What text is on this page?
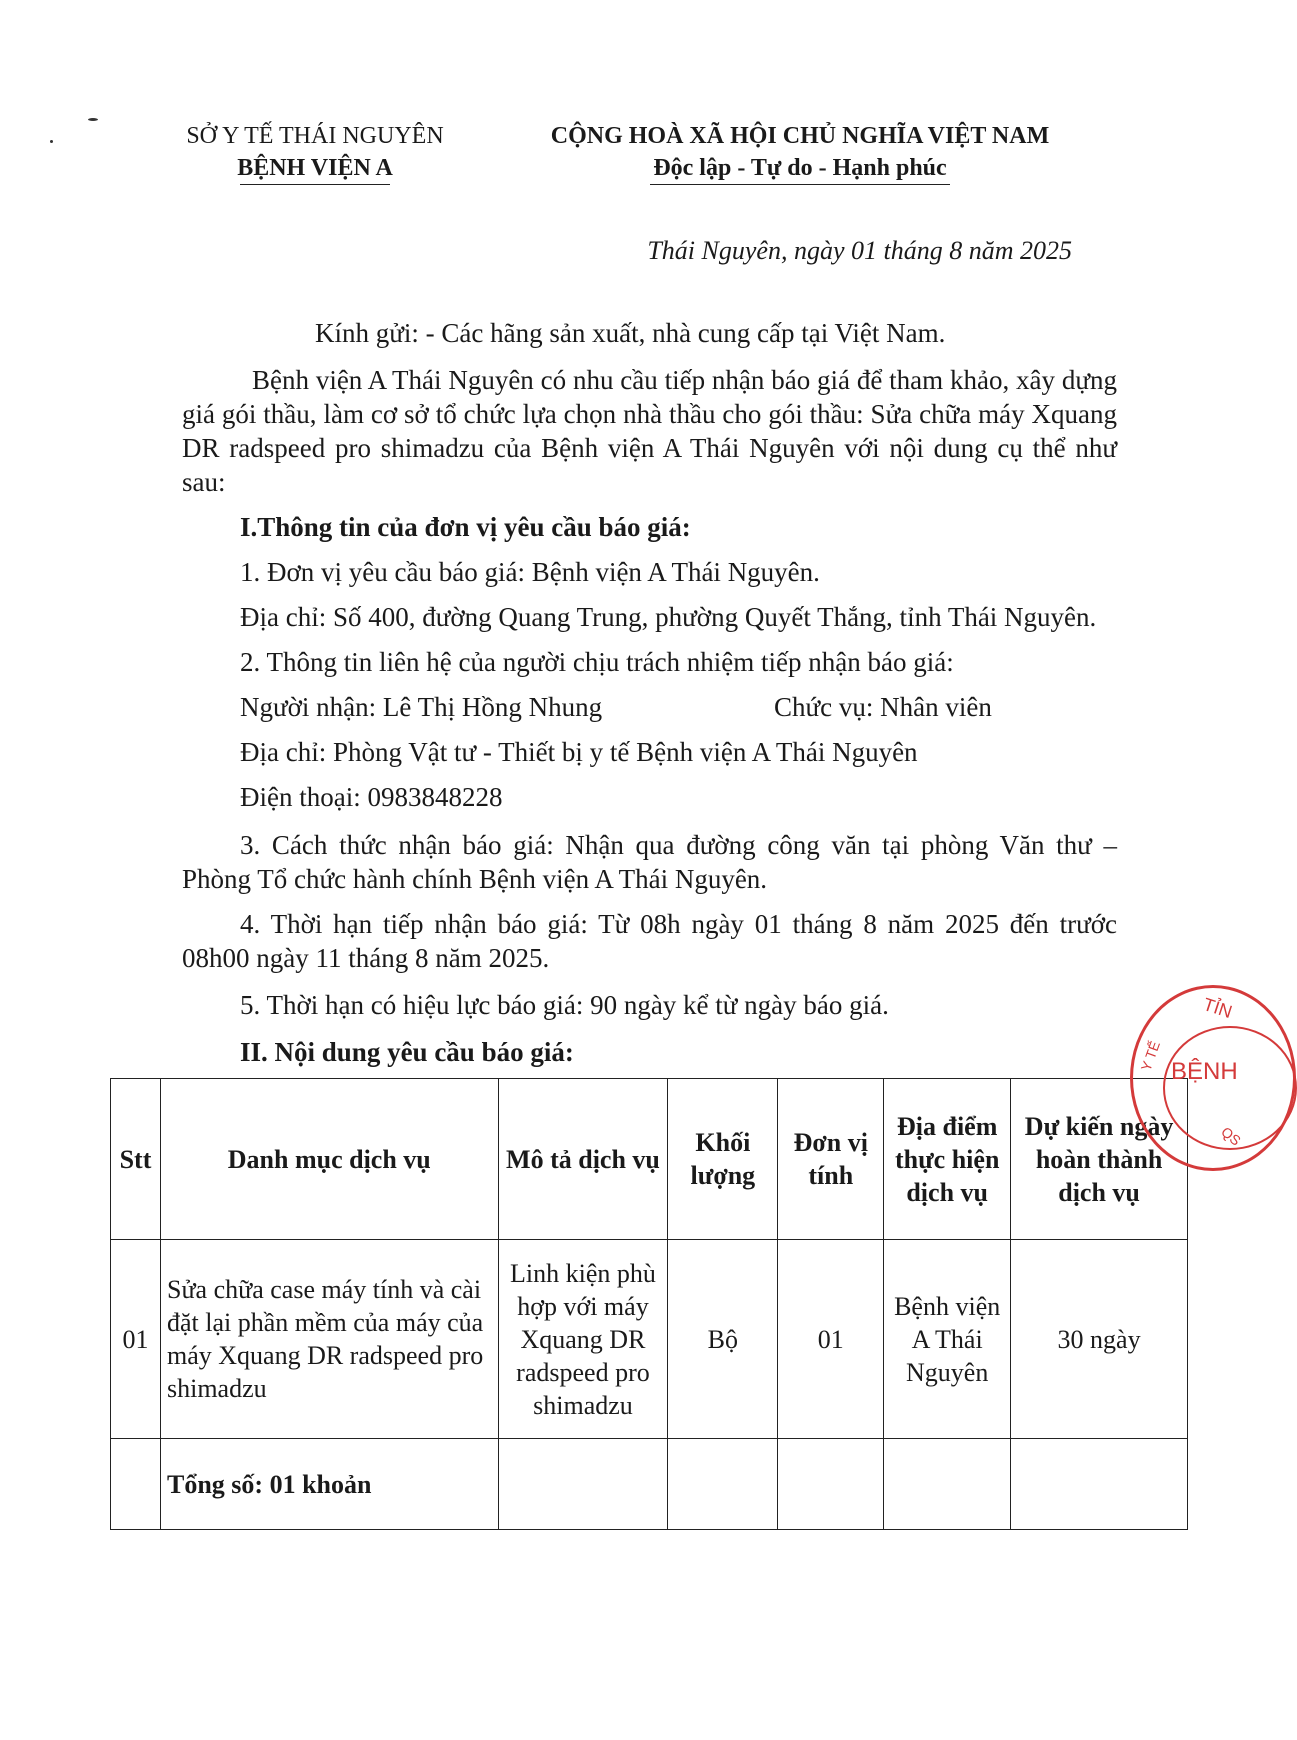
SỞ Y TẾ THÁI NGUYÊN
BỆNH VIỆN A
CỘNG HOÀ XÃ HỘI CHỦ NGHĨA VIỆT NAM
Độc lập - Tự do - Hạnh phúc
Thái Nguyên, ngày 01 tháng 8 năm 2025
Kính gửi: - Các hãng sản xuất, nhà cung cấp tại Việt Nam.
Bệnh viện A Thái Nguyên có nhu cầu tiếp nhận báo giá để tham khảo, xây dựng giá gói thầu, làm cơ sở tổ chức lựa chọn nhà thầu cho gói thầu: Sửa chữa máy Xquang DR radspeed pro shimadzu của Bệnh viện A Thái Nguyên với nội dung cụ thể như sau:
I.Thông tin của đơn vị yêu cầu báo giá:
1. Đơn vị yêu cầu báo giá: Bệnh viện A Thái Nguyên.
Địa chỉ: Số 400, đường Quang Trung, phường Quyết Thắng, tỉnh Thái Nguyên.
2. Thông tin liên hệ của người chịu trách nhiệm tiếp nhận báo giá:
Người nhận: Lê Thị Hồng Nhung	Chức vụ: Nhân viên
Địa chỉ: Phòng Vật tư - Thiết bị y tế Bệnh viện A Thái Nguyên
Điện thoại: 0983848228
3. Cách thức nhận báo giá: Nhận qua đường công văn tại phòng Văn thư – Phòng Tổ chức hành chính Bệnh viện A Thái Nguyên.
4. Thời hạn tiếp nhận báo giá: Từ 08h ngày 01 tháng 8 năm 2025 đến trước 08h00 ngày 11 tháng 8 năm 2025.
5. Thời hạn có hiệu lực báo giá: 90 ngày kể từ ngày báo giá.
II. Nội dung yêu cầu báo giá:
Stt	Danh mục dịch vụ	Mô tả dịch vụ	Khối lượng	Đơn vị tính	Địa điểm thực hiện dịch vụ	Dự kiến ngày hoàn thành dịch vụ
01	Sửa chữa case máy tính và cài đặt lại phần mềm của máy của máy Xquang DR radspeed pro shimadzu	Linh kiện phù hợp với máy Xquang DR radspeed pro shimadzu	Bộ	01	Bệnh viện A Thái Nguyên	30 ngày
	Tổng số: 01 khoản					
TỈN
BỆNH
Y TẾ
QS
